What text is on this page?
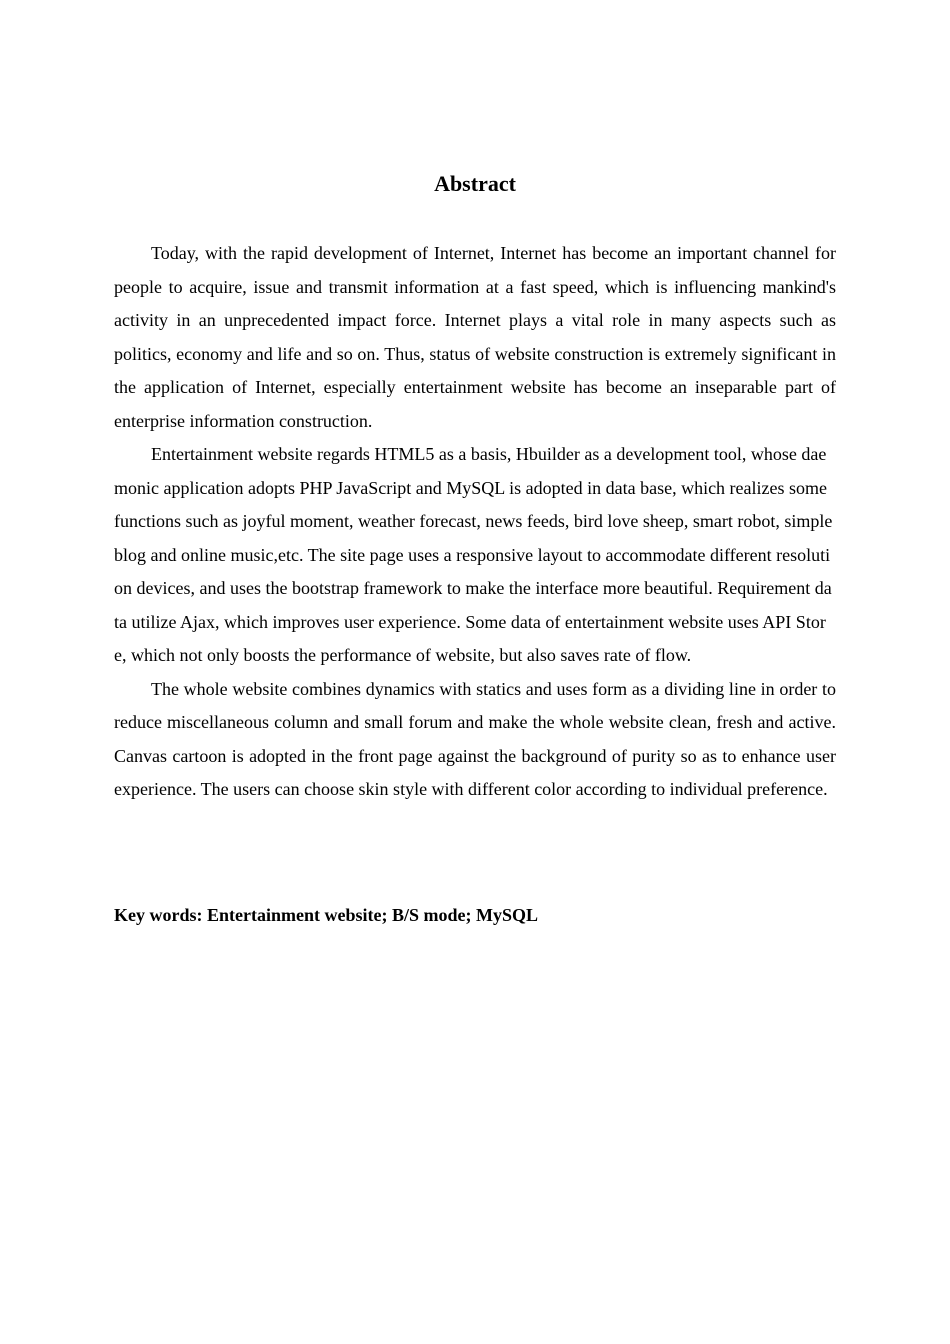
Abstract

Today, with the rapid development of Internet, Internet has become an important channel for people to acquire, issue and transmit information at a fast speed, which is influencing mankind's activity in an unprecedented impact force. Internet plays a vital role in many aspects such as politics, economy and life and so on. Thus, status of website construction is extremely significant in the application of Internet, especially entertainment website has become an inseparable part of enterprise information construction.

Entertainment website regards HTML5 as a basis, Hbuilder as a development tool, whose daemonic application adopts PHP JavaScript and MySQL is adopted in data base, which realizes some functions such as joyful moment, weather forecast, news feeds, bird love sheep, smart robot, simple blog and online music,etc. The site page uses a responsive layout to accommodate different resolution devices, and uses the bootstrap framework to make the interface more beautiful. Requirement data utilize Ajax, which improves user experience. Some data of entertainment website uses API Store, which not only boosts the performance of website, but also saves rate of flow.

The whole website combines dynamics with statics and uses form as a dividing line in order to reduce miscellaneous column and small forum and make the whole website clean, fresh and active. Canvas cartoon is adopted in the front page against the background of purity so as to enhance user experience. The users can choose skin style with different color according to individual preference.

Key words: Entertainment website; B/S mode; MySQL
